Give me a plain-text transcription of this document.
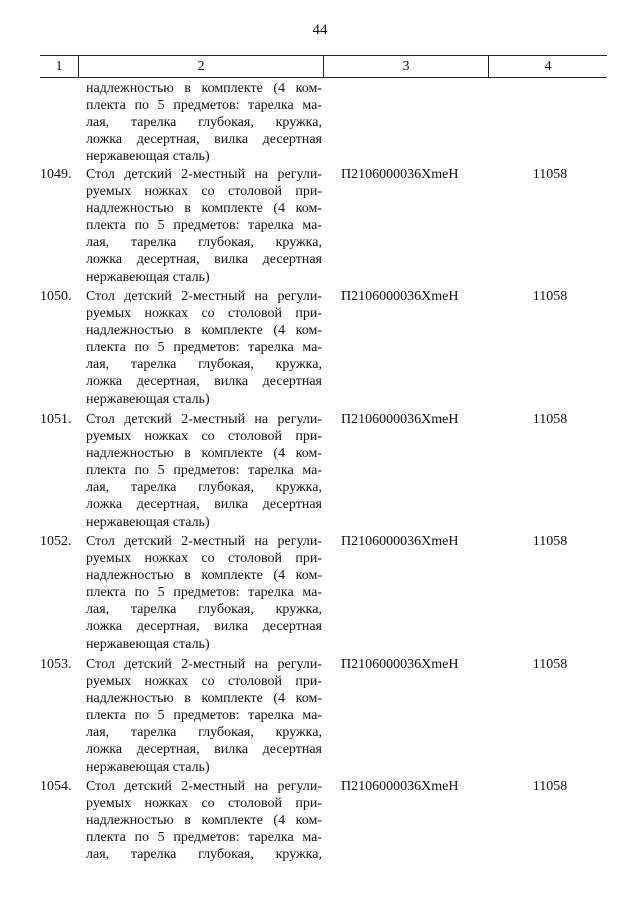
44
1	2	3	4
надлежностью в комплекте (4 ком-
плекта по 5 предметов: тарелка ма-
лая, тарелка глубокая, кружка,
ложка десертная, вилка десертная
нержавеющая сталь)
1049.	Стол детский 2-местный на регули-
руемых ножках со столовой при-
надлежностью в комплекте (4 ком-
плекта по 5 предметов: тарелка ма-
лая, тарелка глубокая, кружка,
ложка десертная, вилка десертная
нержавеющая сталь)
П2106000036ХmeH	11058
1050.	Стол детский 2-местный на регули-
руемых ножках со столовой при-
надлежностью в комплекте (4 ком-
плекта по 5 предметов: тарелка ма-
лая, тарелка глубокая, кружка,
ложка десертная, вилка десертная
нержавеющая сталь)
П2106000036ХmeH	11058
1051.	Стол детский 2-местный на регули-
руемых ножках со столовой при-
надлежностью в комплекте (4 ком-
плекта по 5 предметов: тарелка ма-
лая, тарелка глубокая, кружка,
ложка десертная, вилка десертная
нержавеющая сталь)
П2106000036ХmeH	11058
1052.	Стол детский 2-местный на регули-
руемых ножках со столовой при-
надлежностью в комплекте (4 ком-
плекта по 5 предметов: тарелка ма-
лая, тарелка глубокая, кружка,
ложка десертная, вилка десертная
нержавеющая сталь)
П2106000036ХmeH	11058
1053.	Стол детский 2-местный на регули-
руемых ножках со столовой при-
надлежностью в комплекте (4 ком-
плекта по 5 предметов: тарелка ма-
лая, тарелка глубокая, кружка,
ложка десертная, вилка десертная
нержавеющая сталь)
П2106000036ХmeH	11058
1054.	Стол детский 2-местный на регули-
руемых ножках со столовой при-
надлежностью в комплекте (4 ком-
плекта по 5 предметов: тарелка ма-
лая, тарелка глубокая, кружка,
П2106000036ХmeH	11058
